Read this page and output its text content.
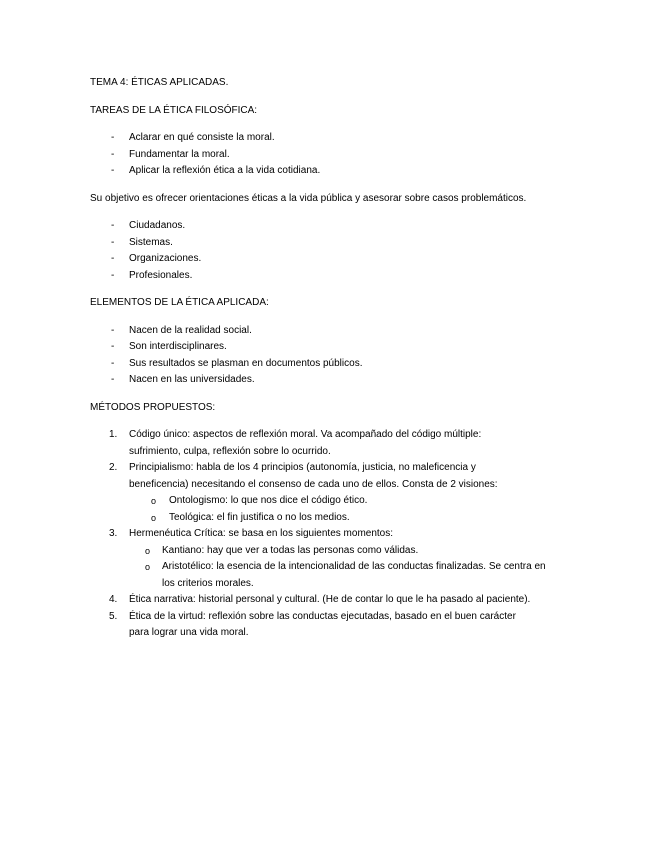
TEMA 4: ÉTICAS APLICADAS.

TAREAS DE LA ÉTICA FILOSÓFICA:

- Aclarar en qué consiste la moral.
- Fundamentar la moral.
- Aplicar la reflexión ética a la vida cotidiana.

Su objetivo es ofrecer orientaciones éticas a la vida pública y asesorar sobre casos problemáticos.

- Ciudadanos.
- Sistemas.
- Organizaciones.
- Profesionales.

ELEMENTOS DE LA ÉTICA APLICADA:

- Nacen de la realidad social.
- Son interdisciplinares.
- Sus resultados se plasman en documentos públicos.
- Nacen en las universidades.

MÉTODOS PROPUESTOS:

1. Código único: aspectos de reflexión moral. Va acompañado del código múltiple:
sufrimiento, culpa, reflexión sobre lo ocurrido.
2. Principialismo: habla de los 4 principios (autonomía, justicia, no maleficencia y
beneficencia) necesitando el consenso de cada uno de ellos. Consta de 2 visiones:
o Ontologismo: lo que nos dice el código ético.
o Teológica: el fin justifica o no los medios.
3. Hermenéutica Crítica: se basa en los siguientes momentos:
o Kantiano: hay que ver a todas las personas como válidas.
o Aristotélico: la esencia de la intencionalidad de las conductas finalizadas. Se centra en
los criterios morales.
4. Ética narrativa: historial personal y cultural. (He de contar lo que le ha pasado al paciente).
5. Ética de la virtud: reflexión sobre las conductas ejecutadas, basado en el buen carácter
para lograr una vida moral.
